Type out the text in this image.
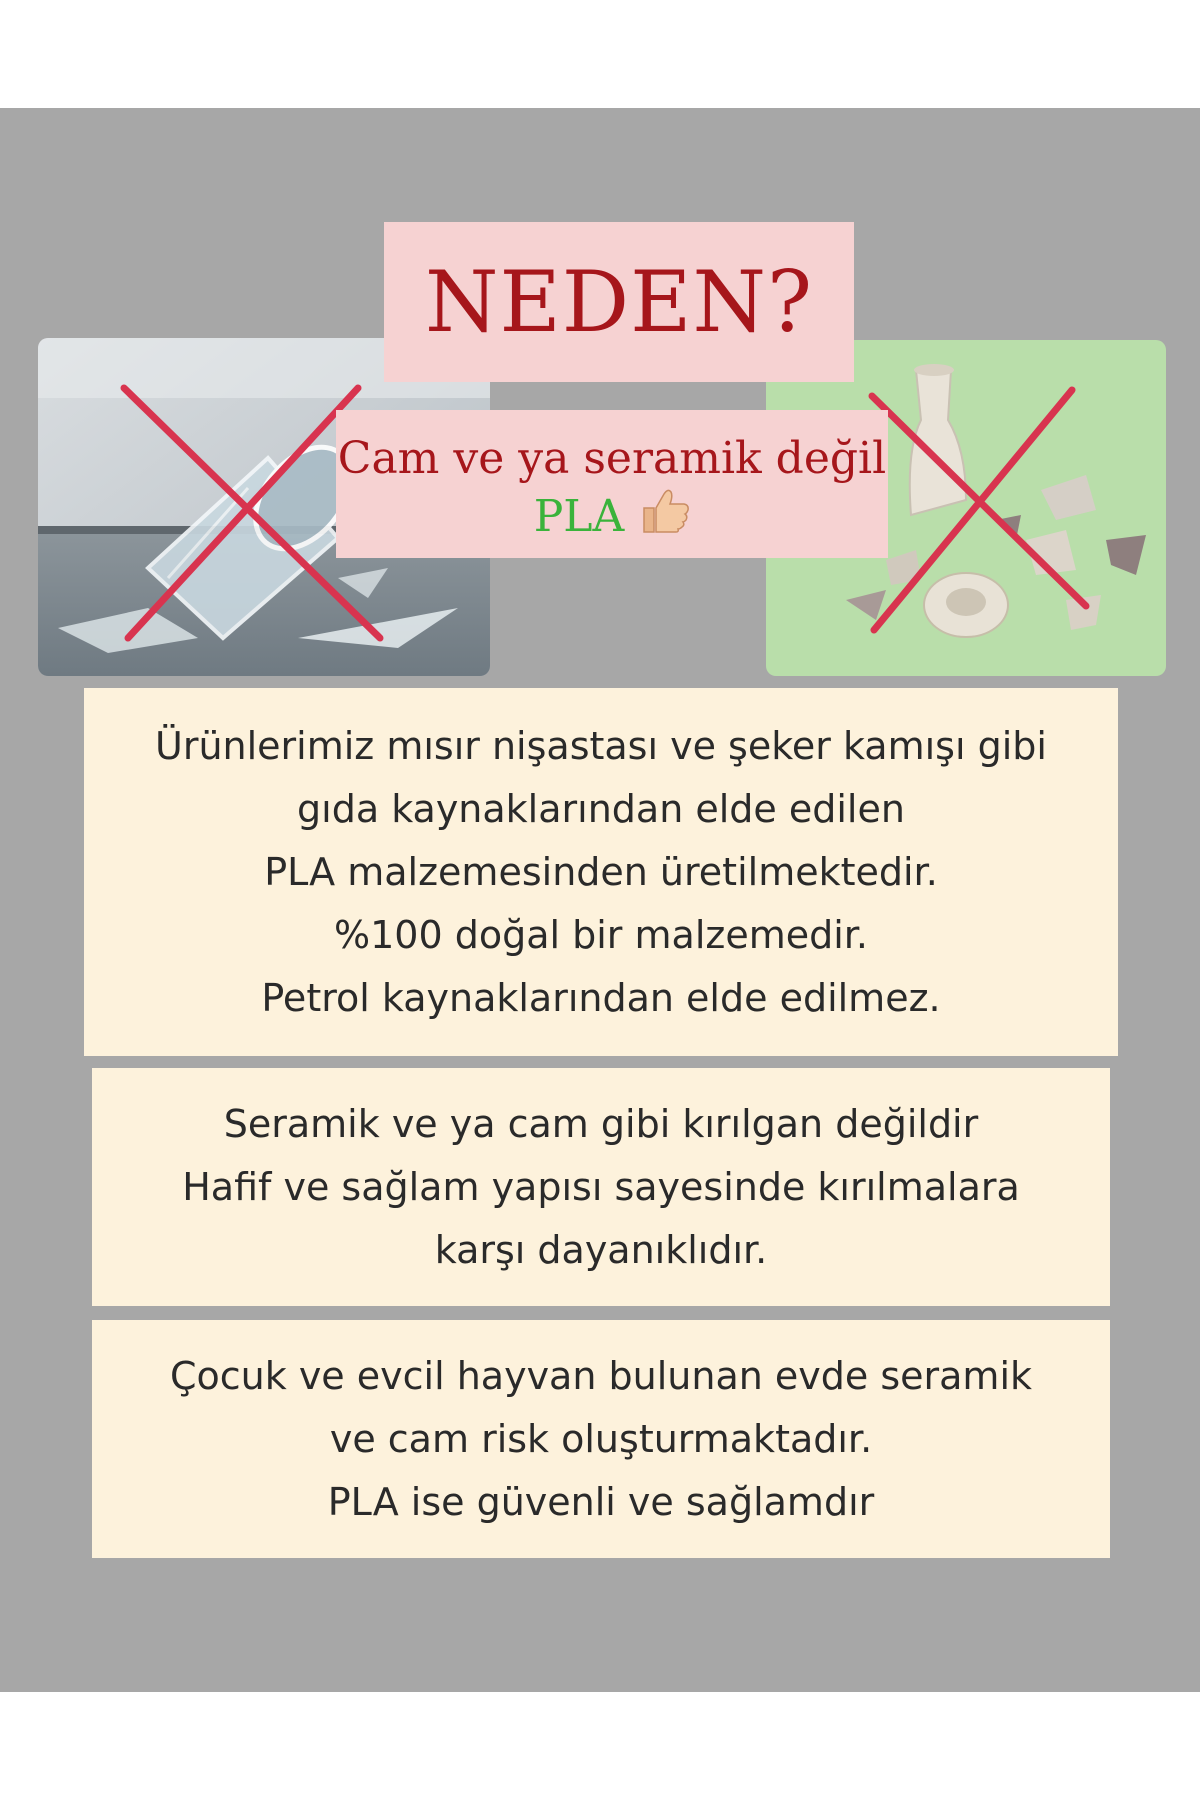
NEDEN?
Cam ve ya seramik değil
PLA
Ürünlerimiz mısır nişastası ve şeker kamışı gibi
gıda kaynaklarından elde edilen
PLA malzemesinden üretilmektedir.
%100 doğal bir malzemedir.
Petrol kaynaklarından elde edilmez.
Seramik ve ya cam gibi kırılgan değildir
Hafif ve sağlam yapısı sayesinde kırılmalara
karşı dayanıklıdır.
Çocuk ve evcil hayvan bulunan evde seramik
ve cam risk oluşturmaktadır.
PLA ise güvenli ve sağlamdır
